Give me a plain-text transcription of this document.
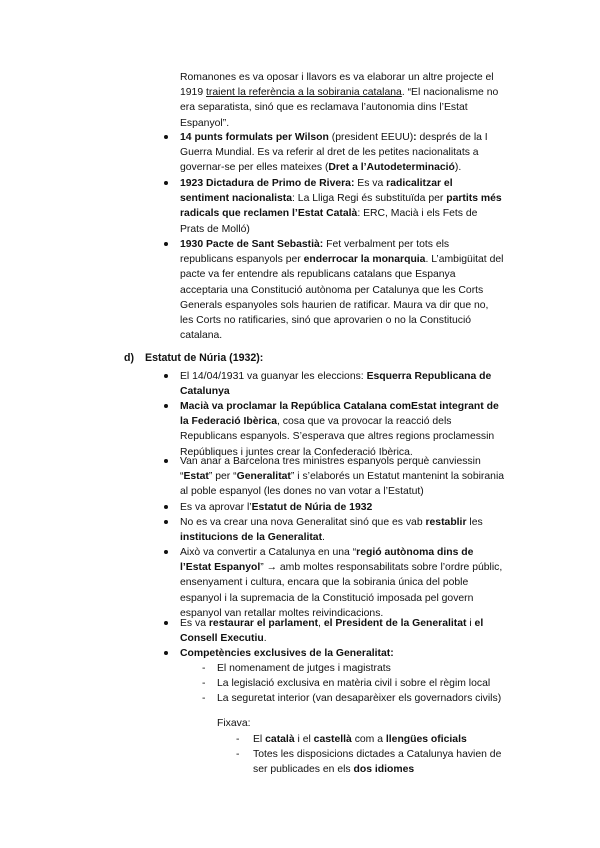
Romanones es va oposar i llavors es va elaborar un altre projecte el
1919 traient la referència a la sobirania catalana. “El nacionalisme no
era separatista, sinó que es reclamava l’autonomia dins l’Estat
Espanyol”.
14 punts formulats per Wilson (president EEUU): després de la I
Guerra Mundial. Es va referir al dret de les petites nacionalitats a
governar-se per elles mateixes (Dret a l’Autodeterminació).
1923 Dictadura de Primo de Rivera: Es va radicalitzar el
sentiment nacionalista: La Lliga Regi és substituïda per partits més
radicals que reclamen l’Estat Català: ERC, Macià i els Fets de
Prats de Molló)
1930 Pacte de Sant Sebastià: Fet verbalment per tots els
republicans espanyols per enderrocar la monarquia. L’ambigüitat del
pacte va fer entendre als republicans catalans que Espanya
acceptaria una Constitució autònoma per Catalunya que les Corts
Generals espanyoles sols haurien de ratificar. Maura va dir que no,
les Corts no ratificaries, sinó que aprovarien o no la Constitució
catalana.
d) Estatut de Núria (1932):
El 14/04/1931 va guanyar les eleccions: Esquerra Republicana de
Catalunya
Macià va proclamar la República Catalana comEstat integrant de
la Federació Ibèrica, cosa que va provocar la reacció dels
Republicans espanyols. S’esperava que altres regions proclamessin
Repúbliques i juntes crear la Confederació Ibèrica.
Van anar a Barcelona tres ministres espanyols perquè canviessin
“Estat” per “Generalitat” i s’elaborés un Estatut mantenint la sobirania
al poble espanyol (les dones no van votar a l’Estatut)
Es va aprovar l’Estatut de Núria de 1932
No es va crear una nova Generalitat sinó que es vab restablir les
institucions de la Generalitat.
Això va convertir a Catalunya en una “regió autònoma dins de
l’Estat Espanyol” → amb moltes responsabilitats sobre l’ordre públic,
ensenyament i cultura, encara que la sobirania única del poble
espanyol i la supremacia de la Constitució imposada pel govern
espanyol van retallar moltes reivindicacions.
Es va restaurar el parlament, el President de la Generalitat i el
Consell Executiu.
Competències exclusives de la Generalitat:
- El nomenament de jutges i magistrats
- La legislació exclusiva en matèria civil i sobre el règim local
- La seguretat interior (van desaparèixer els governadors civils)
Fixava:
- El català i el castellà com a llengües oficials
- Totes les disposicions dictades a Catalunya havien de
ser publicades en els dos idiomes
